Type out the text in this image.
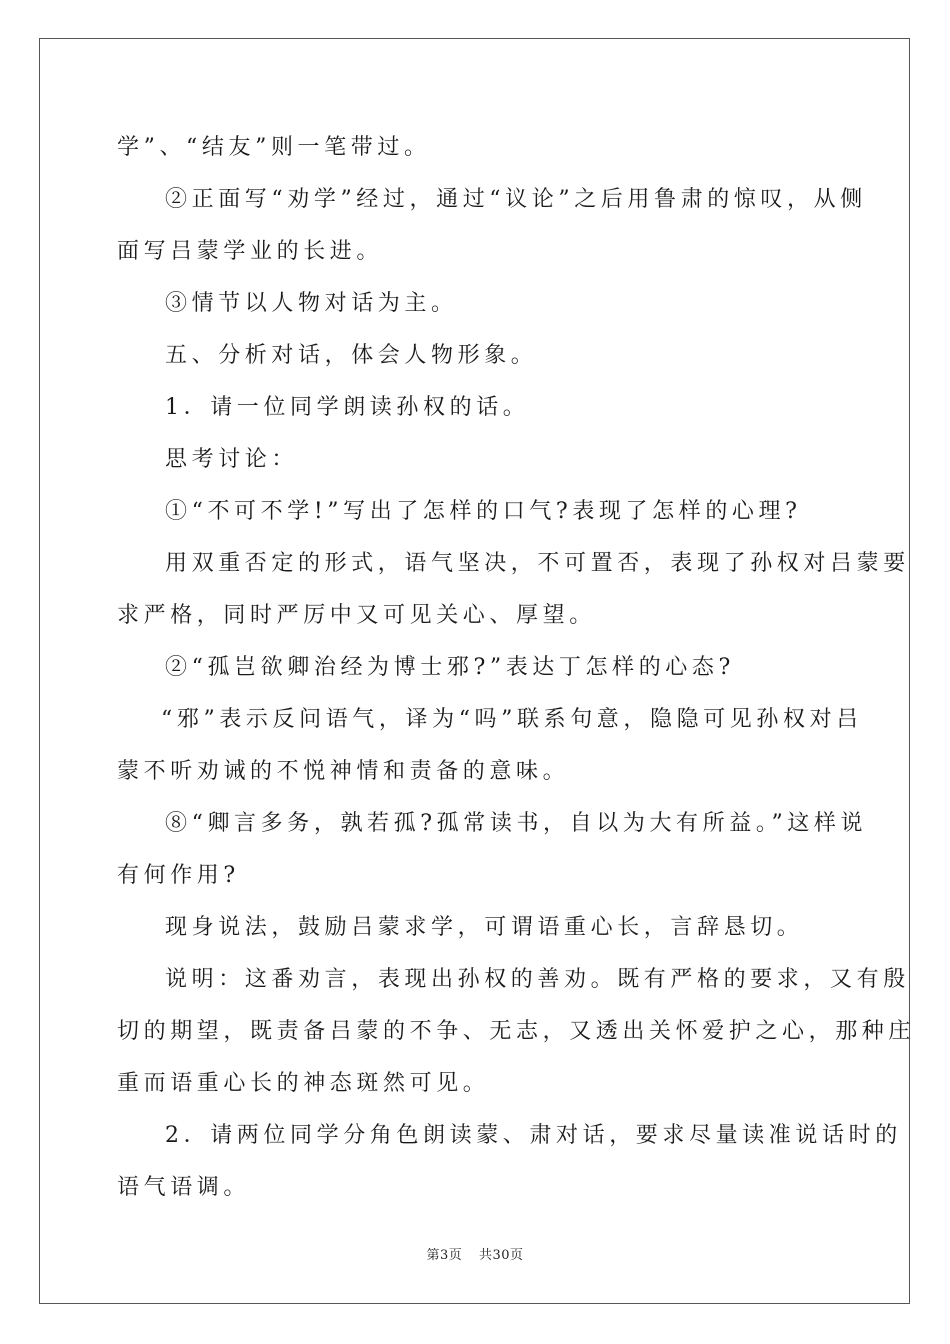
学”、“结友”则一笔带过。
②正面写“劝学”经过，通过“议论”之后用鲁肃的惊叹，从侧
面写吕蒙学业的长进。
③情节以人物对话为主。
五、分析对话，体会人物形象。
1．请一位同学朗读孙权的话。
思考讨论：
①“不可不学!”写出了怎样的口气?表现了怎样的心理?
用双重否定的形式，语气坚决，不可置否，表现了孙权对吕蒙要
求严格，同时严厉中又可见关心、厚望。
②“孤岂欲卿治经为博士邪?”表达丁怎样的心态?
“邪”表示反问语气，译为“吗”联系句意，隐隐可见孙权对吕
蒙不听劝诫的不悦神情和责备的意味。
⑧“卿言多务，孰若孤?孤常读书，自以为大有所益。”这样说
有何作用?
现身说法，鼓励吕蒙求学，可谓语重心长，言辞恳切。
说明：这番劝言，表现出孙权的善劝。既有严格的要求，又有殷
切的期望，既责备吕蒙的不争、无志，又透出关怀爱护之心，那种庄
重而语重心长的神态斑然可见。
2．请两位同学分角色朗读蒙、肃对话，要求尽量读准说话时的
语气语调。
第3页 共30页
